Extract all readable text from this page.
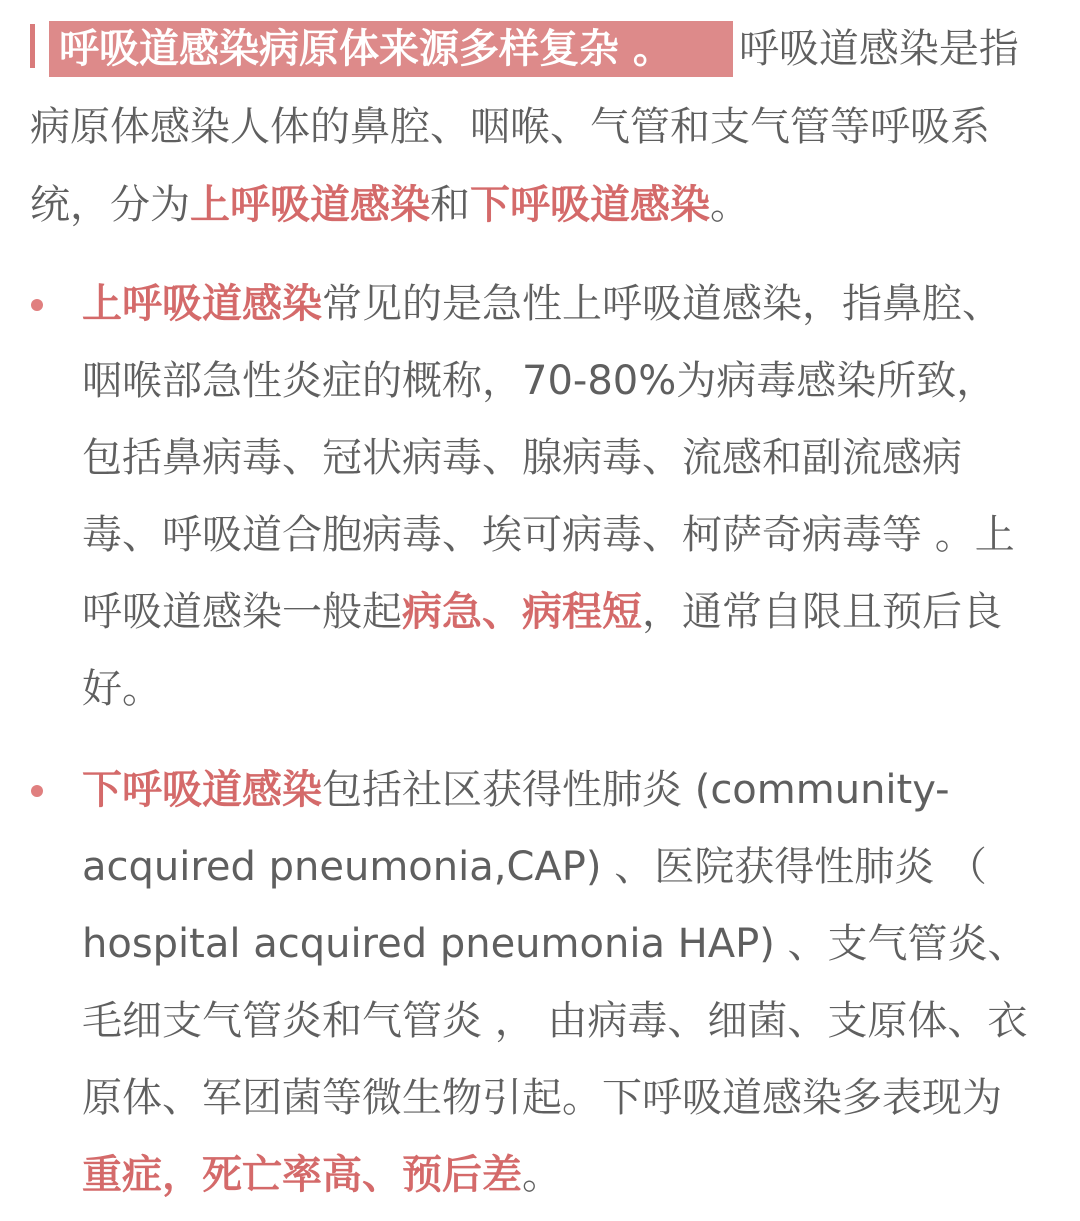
呼吸道感染病原体来源多样复杂 。 呼吸道感染是指病原体感染人体的鼻腔、咽喉、气管和支气管等呼吸系统，分为上呼吸道感染和下呼吸道感染。
上呼吸道感染常见的是急性上呼吸道感染，指鼻腔、咽喉部急性炎症的概称，70-80%为病毒感染所致， 包括鼻病毒、冠状病毒、腺病毒、流感和副流感病毒、呼吸道合胞病毒、埃可病毒、柯萨奇病毒等 。上呼吸道感染一般起病急、病程短，通常自限且预后良好。
下呼吸道感染包括社区获得性肺炎 (community-acquired pneumonia,CAP) 、医院获得性肺炎 （ hospital acquired pneumonia HAP) 、支气管炎、毛细支气管炎和气管炎 ， 由病毒、细菌、支原体、衣原体、军团菌等微生物引起。下呼吸道感染多表现为重症，死亡率高、预后差。
